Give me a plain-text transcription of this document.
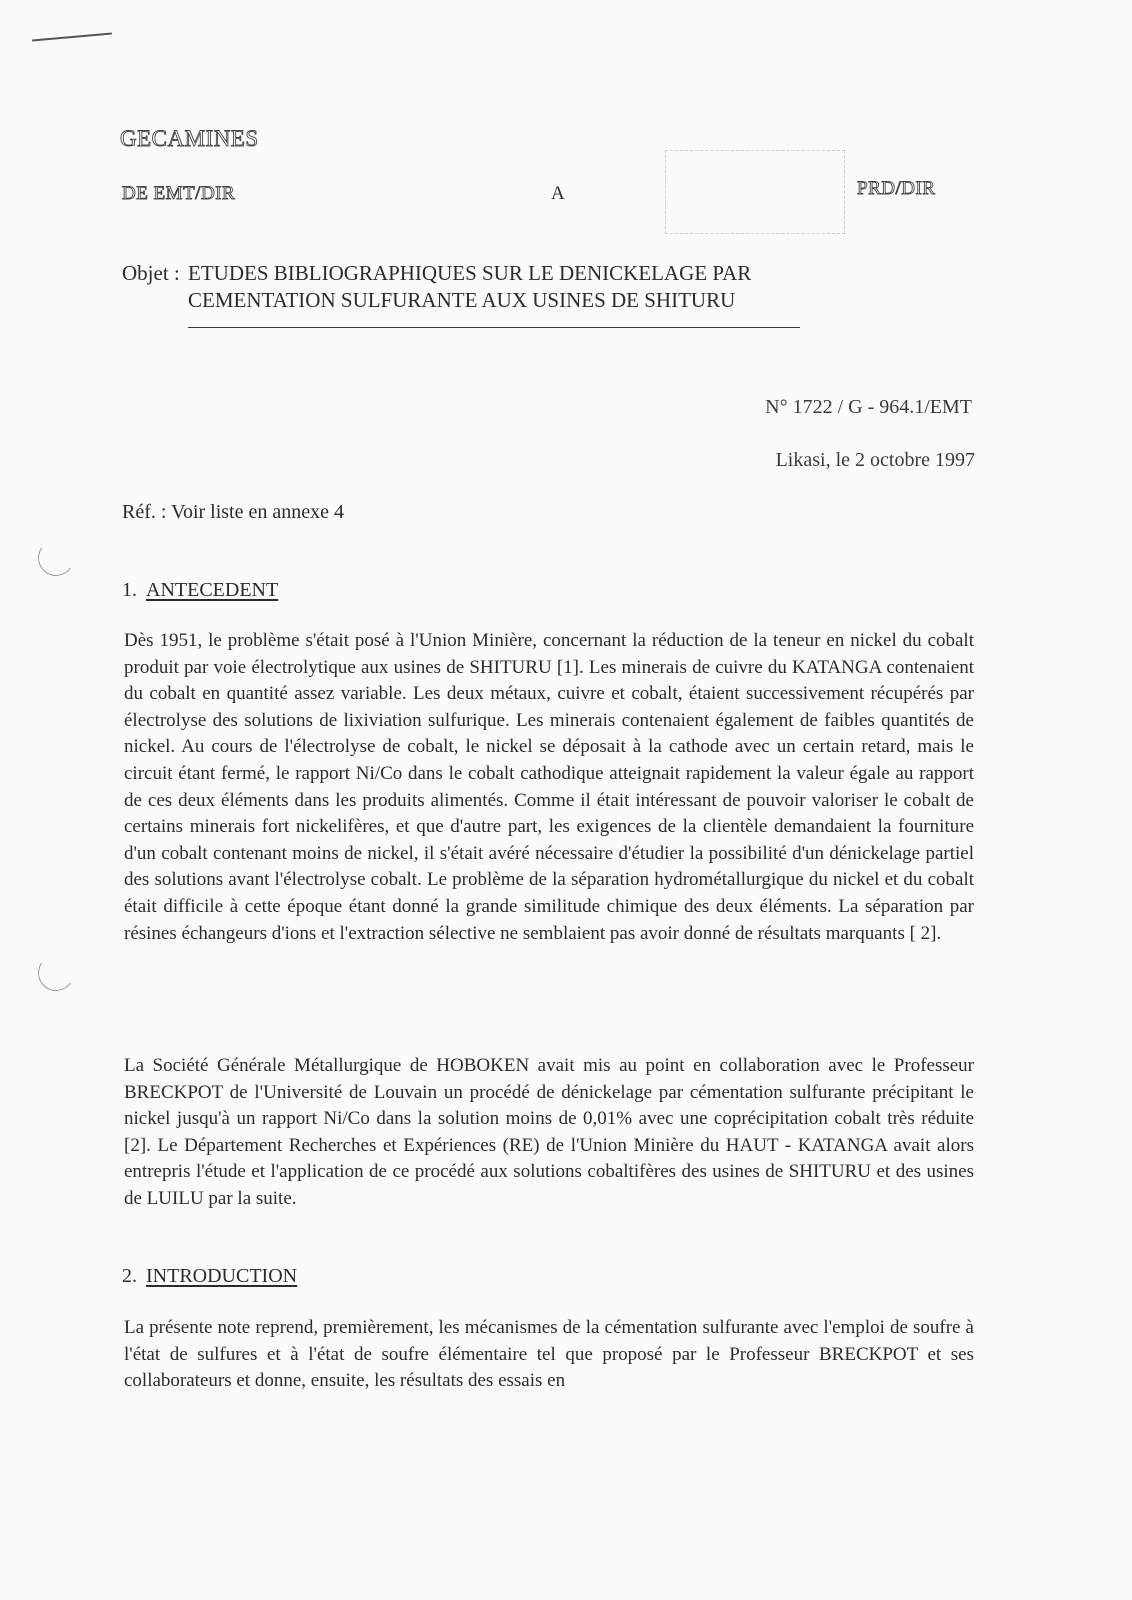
GECAMINES
DE EMT/DIR	A	PRD/DIR
Objet : ETUDES BIBLIOGRAPHIQUES SUR LE DENICKELAGE PAR
CEMENTATION SULFURANTE AUX USINES DE SHITURU
N° 1722 / G - 964.1/EMT
Likasi, le 2 octobre 1997
Réf. : Voir liste en annexe 4
1. ANTECEDENT

Dès 1951, le problème s'était posé à l'Union Minière, concernant la réduction de la teneur en nickel du cobalt produit par voie électrolytique aux usines de SHITURU [1]. Les minerais de cuivre du KATANGA contenaient du cobalt en quantité assez variable. Les deux métaux, cuivre et cobalt, étaient successivement récupérés par électrolyse des solutions de lixiviation sulfurique. Les minerais contenaient également de faibles quantités de nickel. Au cours de l'électrolyse de cobalt, le nickel se déposait à la cathode avec un certain retard, mais le circuit étant fermé, le rapport Ni/Co dans le cobalt cathodique atteignait rapidement la valeur égale au rapport de ces deux éléments dans les produits alimentés. Comme il était intéressant de pouvoir valoriser le cobalt de certains minerais fort nickelifères, et que d'autre part, les exigences de la clientèle demandaient la fourniture d'un cobalt contenant moins de nickel, il s'était avéré nécessaire d'étudier la possibilité d'un dénickelage partiel des solutions avant l'électrolyse cobalt. Le problème de la séparation hydrométallurgique du nickel et du cobalt était difficile à cette époque étant donné la grande similitude chimique des deux éléments. La séparation par résines échangeurs d'ions et l'extraction sélective ne semblaient pas avoir donné de résultats marquants [ 2].

La Société Générale Métallurgique de HOBOKEN avait mis au point en collaboration avec le Professeur BRECKPOT de l'Université de Louvain un procédé de dénickelage par cémentation sulfurante précipitant le nickel jusqu'à un rapport Ni/Co dans la solution moins de 0,01% avec une coprécipitation cobalt très réduite [2]. Le Département Recherches et Expériences (RE) de l'Union Minière du HAUT - KATANGA avait alors entrepris l'étude et l'application de ce procédé aux solutions cobaltifères des usines de SHITURU et des usines de LUILU par la suite.

2. INTRODUCTION

La présente note reprend, premièrement, les mécanismes de la cémentation sulfurante avec l'emploi de soufre à l'état de sulfures et à l'état de soufre élémentaire tel que proposé par le Professeur BRECKPOT et ses collaborateurs et donne, ensuite, les résultats des essais en
